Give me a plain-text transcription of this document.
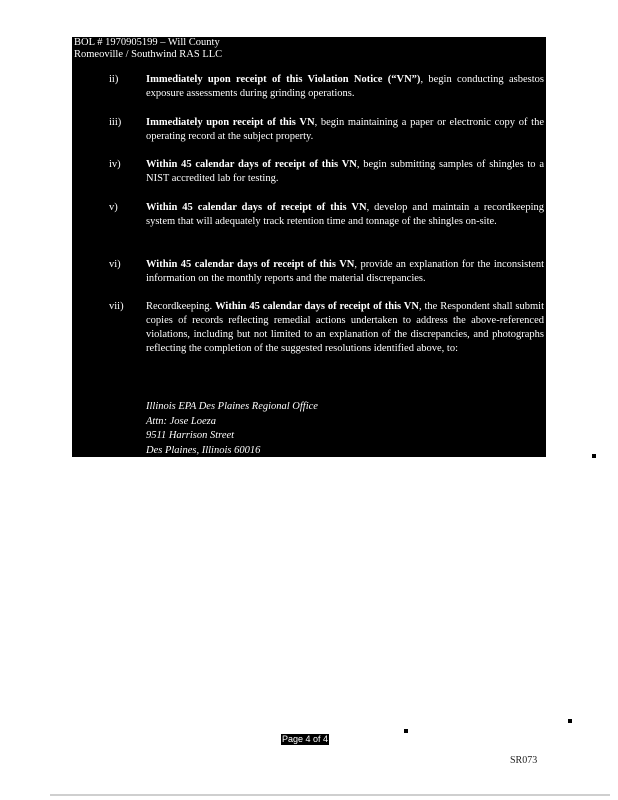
BOL # 1970905199 – Will County
Romeoville / Southwind RAS LLC
ii)	Immediately upon receipt of this Violation Notice (“VN”), begin conducting asbestos exposure assessments during grinding operations.
iii) Immediately upon receipt of this VN, begin maintaining a paper or electronic copy of the operating record at the subject property.
iv) Within 45 calendar days of receipt of this VN, begin submitting samples of shingles to a NIST accredited lab for testing.
v)	Within 45 calendar days of receipt of this VN, develop and maintain a recordkeeping system that will adequately track retention time and tonnage of the shingles on-site.
vi) Within 45 calendar days of receipt of this VN, provide an explanation for the inconsistent information on the monthly reports and the material discrepancies.
vii) Recordkeeping. Within 45 calendar days of receipt of this VN, the Respondent shall submit copies of records reflecting remedial actions undertaken to address the above-referenced violations, including but not limited to an explanation of the discrepancies, and photographs reflecting the completion of the suggested resolutions identified above, to:
Illinois EPA Des Plaines Regional Office
Attn: Jose Loeza
9511 Harrison Street
Des Plaines, Illinois 60016
Page 4 of 4
SR073
